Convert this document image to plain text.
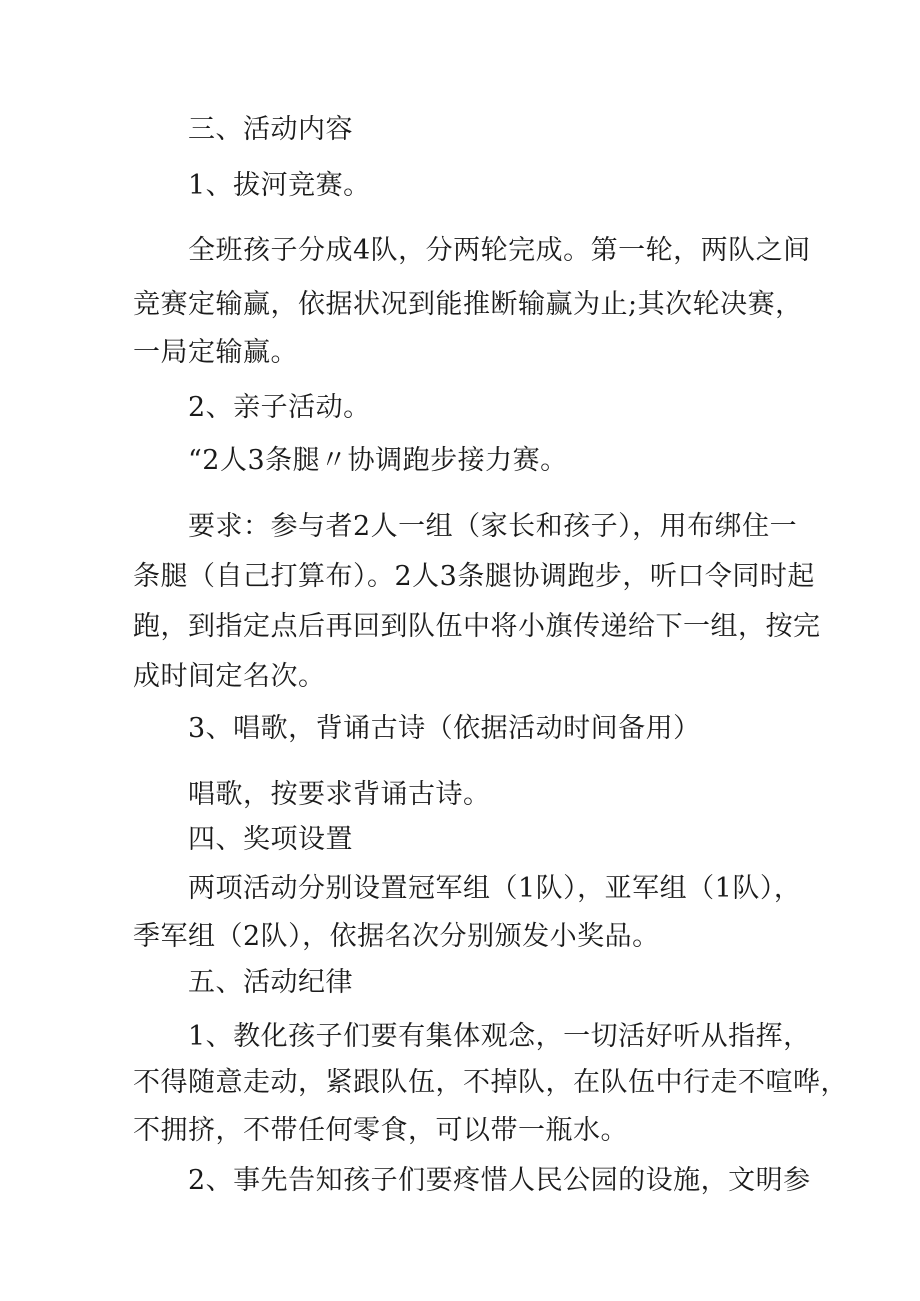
三、活动内容

1、拔河竞赛。

全班孩子分成4队，分两轮完成。第一轮，两队之间

竞赛定输赢，依据状况到能推断输赢为止;其次轮决赛，

一局定输赢。

2、亲子活动。

“2人3条腿〃协调跑步接力赛。

要求：参与者2人一组（家长和孩子），用布绑住一

条腿（自己打算布）。2人3条腿协调跑步，听口令同时起

跑，到指定点后再回到队伍中将小旗传递给下一组，按完

成时间定名次。

3、唱歌，背诵古诗（依据活动时间备用）

唱歌，按要求背诵古诗。

四、奖项设置

两项活动分别设置冠军组（1队），亚军组（1队），

季军组（2队），依据名次分别颁发小奖品。

五、活动纪律

1、教化孩子们要有集体观念，一切活好听从指挥，

不得随意走动，紧跟队伍，不掉队，在队伍中行走不喧哗，

不拥挤，不带任何零食，可以带一瓶水。

2、事先告知孩子们要疼惜人民公园的设施，文明参
